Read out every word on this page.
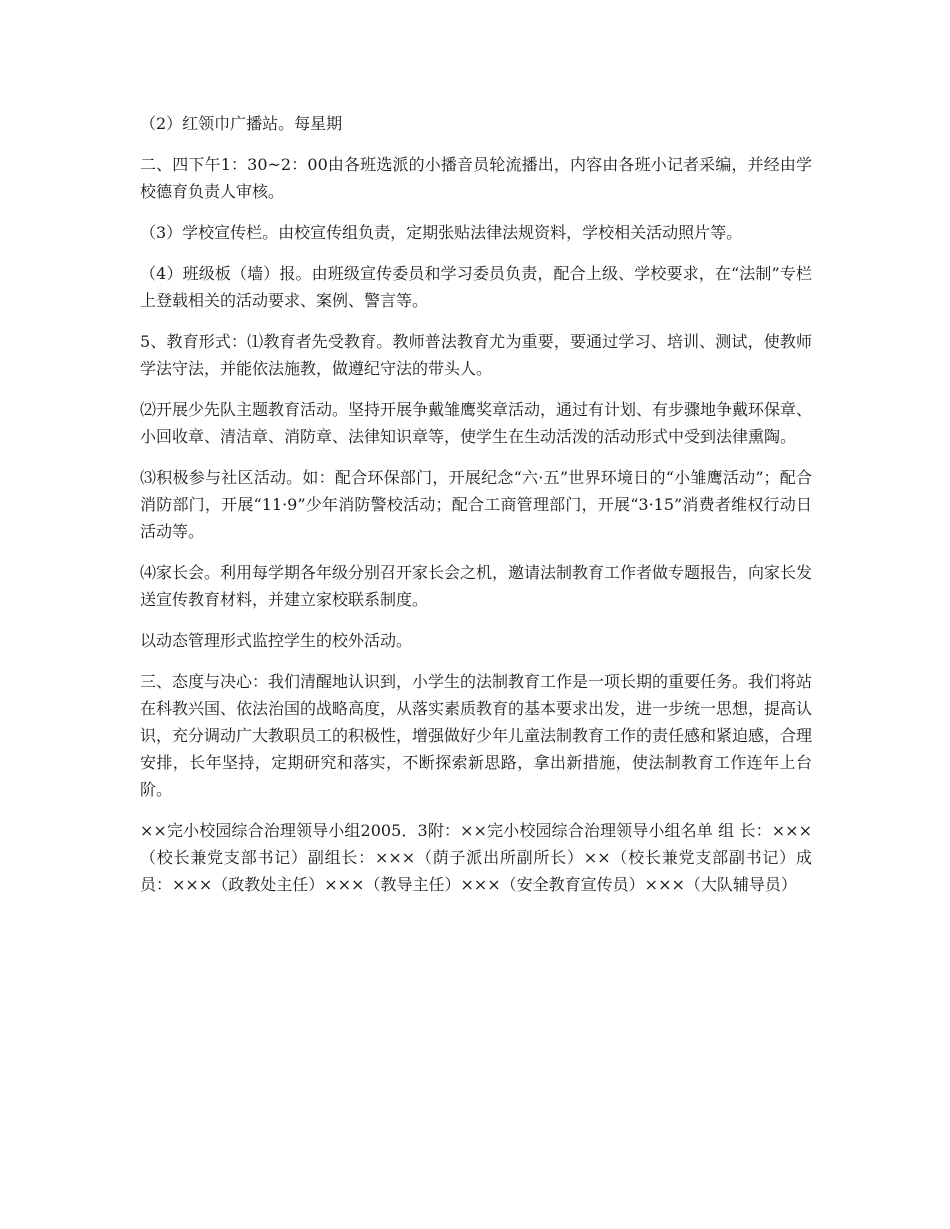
（2）红领巾广播站。每星期

二、四下午1：30~2：00由各班选派的小播音员轮流播出，内容由各班小记者采编，并经由学校德育负责人审核。

（3）学校宣传栏。由校宣传组负责，定期张贴法律法规资料，学校相关活动照片等。

（4）班级板（墙）报。由班级宣传委员和学习委员负责，配合上级、学校要求，在“法制”专栏上登载相关的活动要求、案例、警言等。

5、教育形式：⑴教育者先受教育。教师普法教育尤为重要，要通过学习、培训、测试，使教师学法守法，并能依法施教，做遵纪守法的带头人。

⑵开展少先队主题教育活动。坚持开展争戴雏鹰奖章活动，通过有计划、有步骤地争戴环保章、小回收章、清洁章、消防章、法律知识章等，使学生在生动活泼的活动形式中受到法律熏陶。

⑶积极参与社区活动。如：配合环保部门，开展纪念“六·五”世界环境日的“小雏鹰活动”；配合消防部门，开展“11·9”少年消防警校活动；配合工商管理部门，开展“3·15”消费者维权行动日活动等。

⑷家长会。利用每学期各年级分别召开家长会之机，邀请法制教育工作者做专题报告，向家长发送宣传教育材料，并建立家校联系制度。

以动态管理形式监控学生的校外活动。

三、态度与决心：我们清醒地认识到，小学生的法制教育工作是一项长期的重要任务。我们将站在科教兴国、依法治国的战略高度，从落实素质教育的基本要求出发，进一步统一思想，提高认识，充分调动广大教职员工的积极性，增强做好少年儿童法制教育工作的责任感和紧迫感，合理安排，长年坚持，定期研究和落实，不断探索新思路，拿出新措施，使法制教育工作连年上台阶。

××完小校园综合治理领导小组2005．3附：××完小校园综合治理领导小组名单 组 长：×××（校长兼党支部书记）副组长：×××（荫子派出所副所长）××（校长兼党支部副书记）成 员：×××（政教处主任）×××（教导主任）×××（安全教育宣传员）×××（大队辅导员）
